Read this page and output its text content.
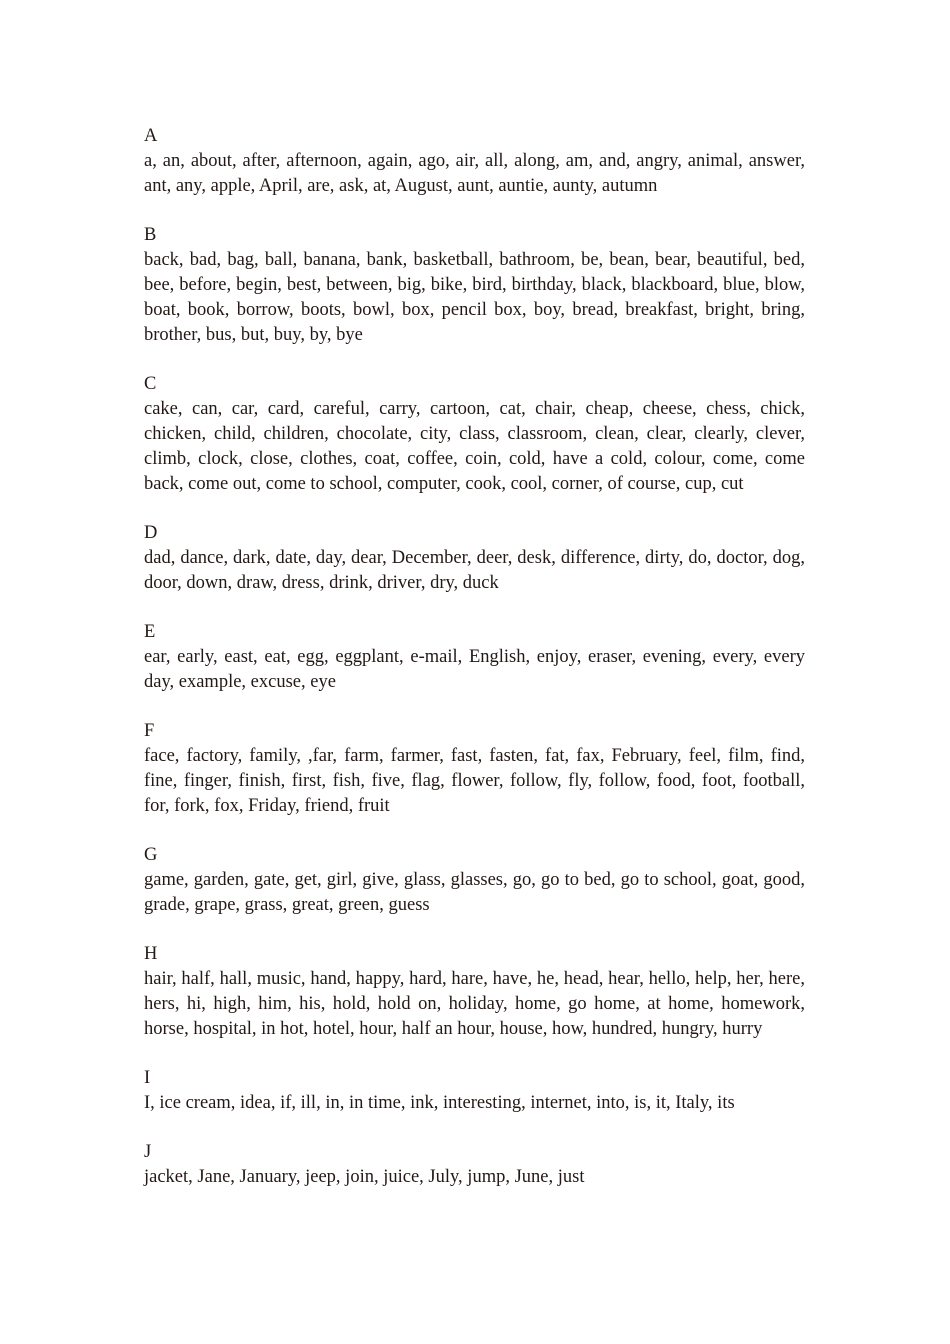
A
a, an, about, after, afternoon, again, ago, air, all, along, am, and, angry, animal, answer, ant, any, apple, April, are, ask, at, August, aunt, auntie, aunty, autumn
B
back, bad, bag, ball, banana, bank, basketball, bathroom, be, bean, bear, beautiful, bed, bee, before, begin, best, between, big, bike, bird, birthday, black, blackboard, blue, blow, boat, book, borrow, boots, bowl, box, pencil box, boy, bread, breakfast, bright, bring, brother, bus, but, buy, by, bye
C
cake, can, car, card, careful, carry, cartoon, cat, chair, cheap, cheese, chess, chick, chicken, child, children, chocolate, city, class, classroom, clean, clear, clearly, clever, climb, clock, close, clothes, coat, coffee, coin, cold, have a cold, colour, come, come back, come out, come to school, computer, cook, cool, corner, of course, cup, cut
D
dad, dance, dark, date, day, dear, December, deer, desk, difference, dirty, do, doctor, dog, door, down, draw, dress, drink, driver, dry, duck
E
ear, early, east, eat, egg, eggplant, e-mail, English, enjoy, eraser, evening, every, every day, example, excuse, eye
F
face, factory, family, ,far, farm, farmer, fast, fasten, fat, fax, February, feel, film, find, fine, finger, finish, first, fish, five, flag, flower, follow, fly, follow, food, foot, football, for, fork, fox, Friday, friend, fruit
G
game, garden, gate, get, girl, give, glass, glasses, go, go to bed, go to school, goat, good, grade, grape, grass, great, green, guess
H
hair, half, hall, music, hand, happy, hard, hare, have, he, head, hear, hello, help, her, here, hers, hi, high, him, his, hold, hold on, holiday, home, go home, at home, homework, horse, hospital, in hot, hotel, hour, half an hour, house, how, hundred, hungry, hurry
I
I, ice cream, idea, if, ill, in, in time, ink, interesting, internet, into, is, it, Italy, its
J
jacket, Jane, January, jeep, join, juice, July, jump, June, just
